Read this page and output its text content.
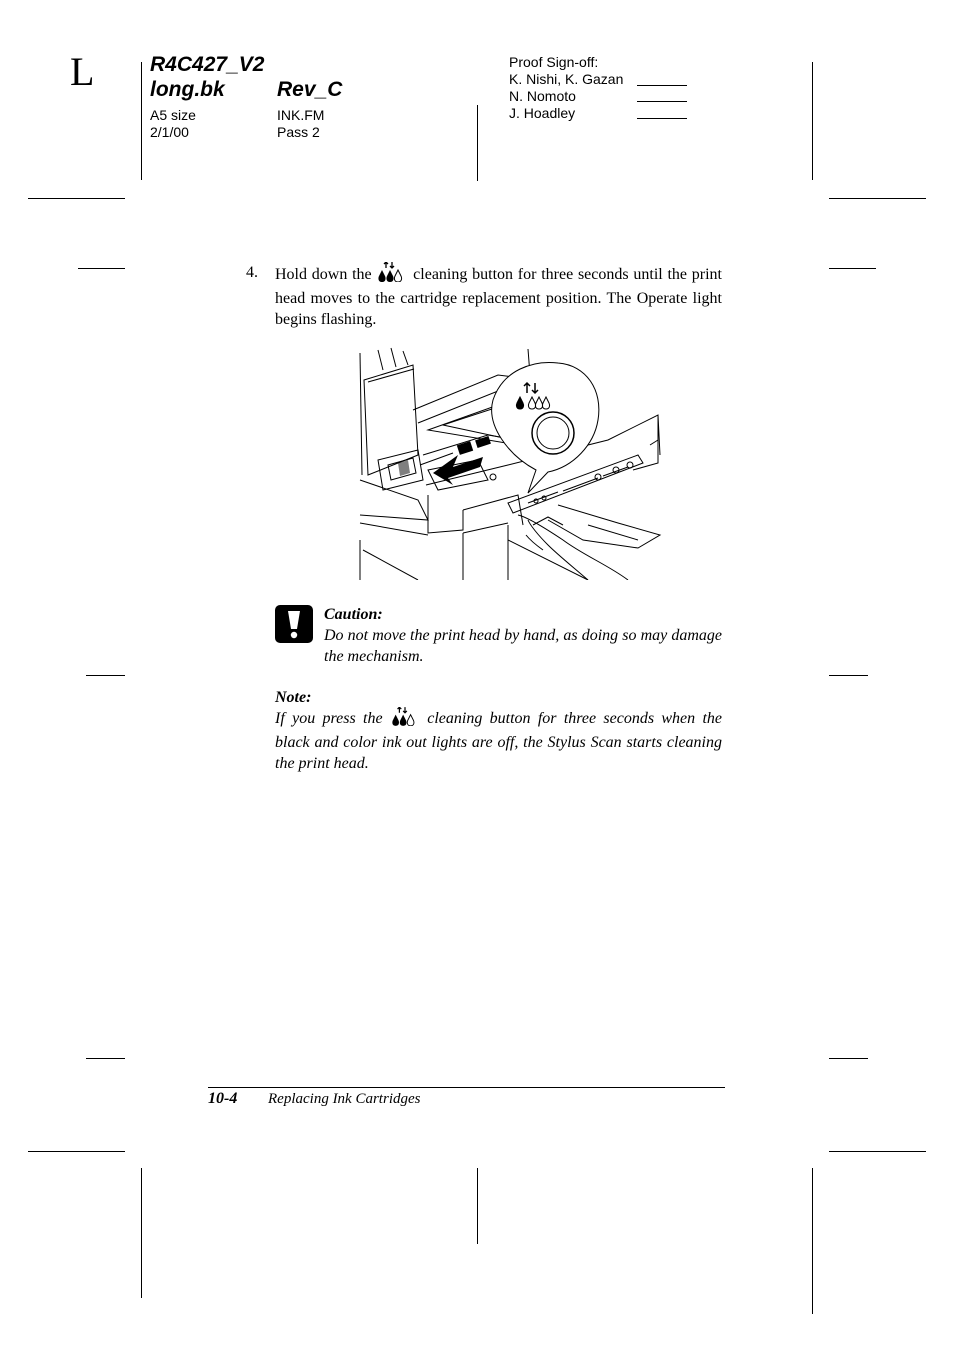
L	R4C427_V2
long.bk Rev_C
A5 size
2/1/00
INK.FM
Pass 2
Proof Sign-off:
K. Nishi, K. Gazan
N. Nomoto
J. Hoadley
4. Hold down the	cleaning button for three seconds until the print head moves to the cartridge replacement position. The Operate light begins flashing.
Caution:
Do not move the print head by hand, as doing so may damage the mechanism.
Note:
If you press the	cleaning button for three seconds when the black and color ink out lights are off, the Stylus Scan starts cleaning the print head.
10-4 Replacing Ink Cartridges
